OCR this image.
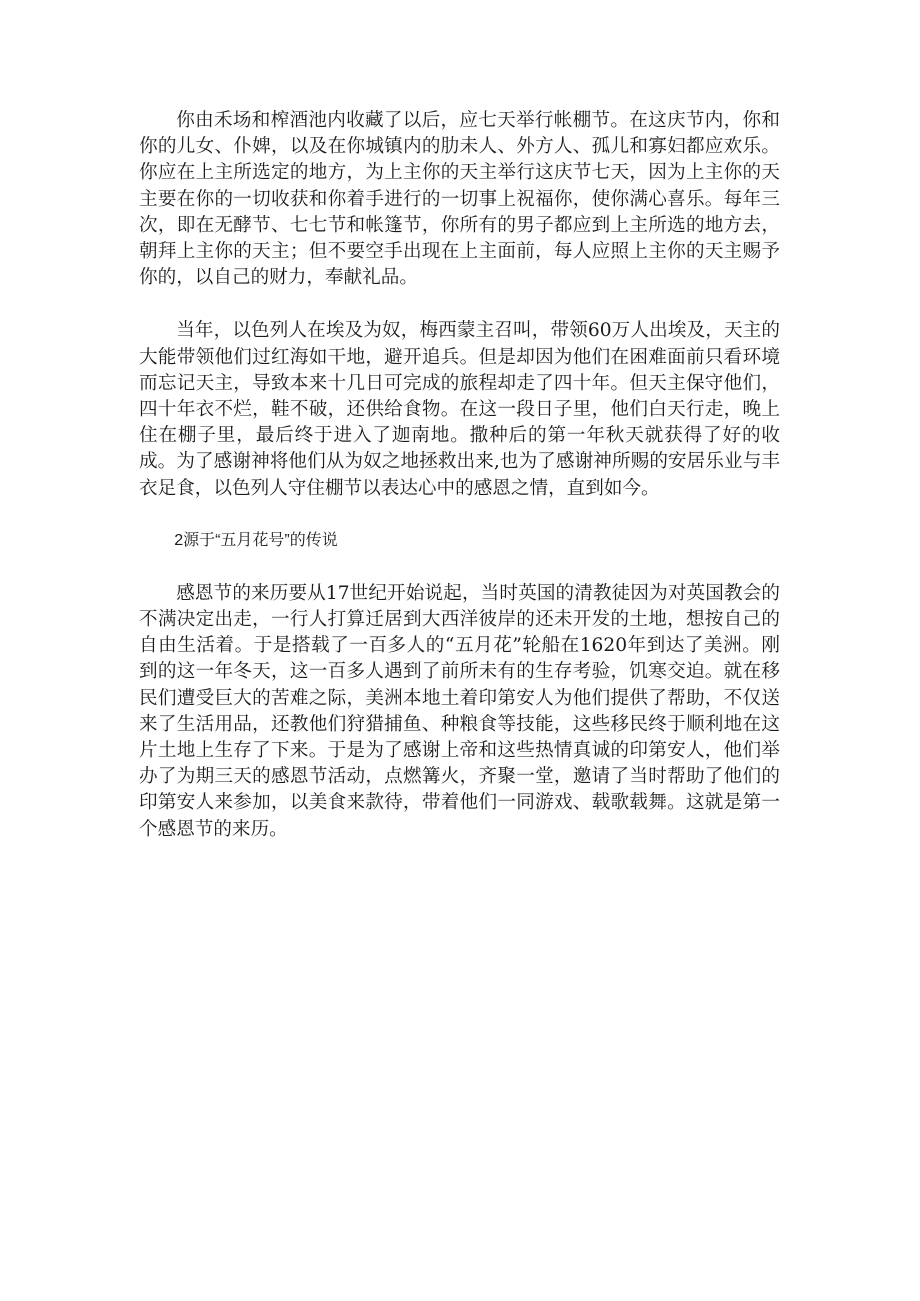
你由禾场和榨酒池内收藏了以后，应七天举行帐棚节。在这庆节内，你和你的儿女、仆婢，以及在你城镇内的肋未人、外方人、孤儿和寡妇都应欢乐。你应在上主所选定的地方，为上主你的天主举行这庆节七天，因为上主你的天主要在你的一切收获和你着手进行的一切事上祝福你，使你满心喜乐。每年三次，即在无酵节、七七节和帐篷节，你所有的男子都应到上主所选的地方去，朝拜上主你的天主；但不要空手出现在上主面前，每人应照上主你的天主赐予你的，以自己的财力，奉献礼品。

当年，以色列人在埃及为奴，梅西蒙主召叫，带领60万人出埃及，天主的大能带领他们过红海如干地，避开追兵。但是却因为他们在困难面前只看环境而忘记天主，导致本来十几日可完成的旅程却走了四十年。但天主保守他们，四十年衣不烂，鞋不破，还供给食物。在这一段日子里，他们白天行走，晚上住在棚子里，最后终于进入了迦南地。撒种后的第一年秋天就获得了好的收成。为了感谢神将他们从为奴之地拯救出来,也为了感谢神所赐的安居乐业与丰衣足食，以色列人守住棚节以表达心中的感恩之情，直到如今。

2源于“五月花号”的传说

感恩节的来历要从17世纪开始说起，当时英国的清教徒因为对英国教会的不满决定出走，一行人打算迁居到大西洋彼岸的还未开发的土地，想按自己的自由生活着。于是搭载了一百多人的“五月花”轮船在1620年到达了美洲。刚到的这一年冬天，这一百多人遇到了前所未有的生存考验，饥寒交迫。就在移民们遭受巨大的苦难之际，美洲本地土着印第安人为他们提供了帮助，不仅送来了生活用品，还教他们狩猎捕鱼、种粮食等技能，这些移民终于顺利地在这片土地上生存了下来。于是为了感谢上帝和这些热情真诚的印第安人，他们举办了为期三天的感恩节活动，点燃篝火，齐聚一堂，邀请了当时帮助了他们的印第安人来参加，以美食来款待，带着他们一同游戏、载歌载舞。这就是第一个感恩节的来历。
